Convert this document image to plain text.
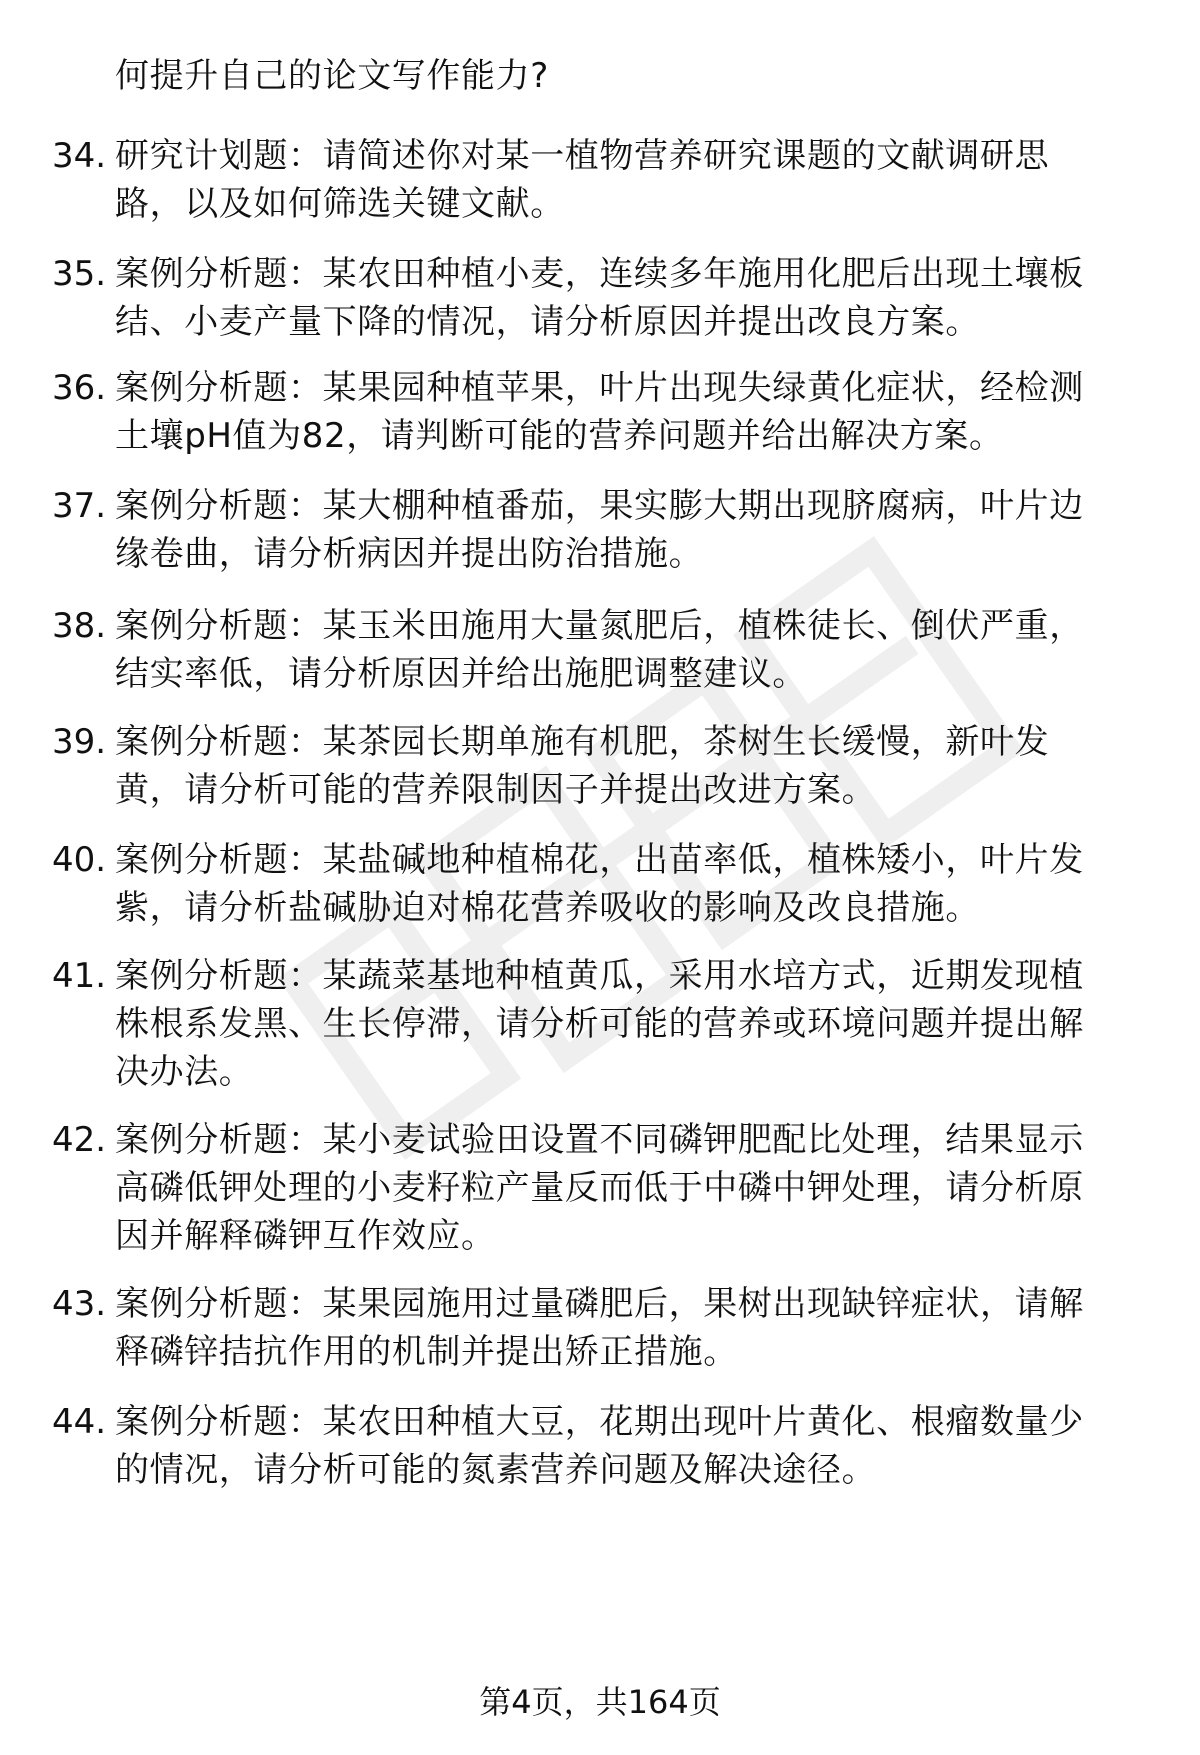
何提升自己的论文写作能力?
34. 研究计划题：请简述你对某一植物营养研究课题的文献调研思
路，以及如何筛选关键文献。
35. 案例分析题：某农田种植小麦，连续多年施用化肥后出现土壤板
结、小麦产量下降的情况，请分析原因并提出改良方案。
36. 案例分析题：某果园种植苹果，叶片出现失绿黄化症状，经检测
土壤pH值为82，请判断可能的营养问题并给出解决方案。
37. 案例分析题：某大棚种植番茄，果实膨大期出现脐腐病，叶片边
缘卷曲，请分析病因并提出防治措施。
38. 案例分析题：某玉米田施用大量氮肥后，植株徒长、倒伏严重，
结实率低，请分析原因并给出施肥调整建议。
39. 案例分析题：某茶园长期单施有机肥，茶树生长缓慢，新叶发
黄，请分析可能的营养限制因子并提出改进方案。
40. 案例分析题：某盐碱地种植棉花，出苗率低，植株矮小，叶片发
紫，请分析盐碱胁迫对棉花营养吸收的影响及改良措施。
41. 案例分析题：某蔬菜基地种植黄瓜，采用水培方式，近期发现植
株根系发黑、生长停滞，请分析可能的营养或环境问题并提出解
决办法。
42. 案例分析题：某小麦试验田设置不同磷钾肥配比处理，结果显示
高磷低钾处理的小麦籽粒产量反而低于中磷中钾处理，请分析原
因并解释磷钾互作效应。
43. 案例分析题：某果园施用过量磷肥后，果树出现缺锌症状，请解
释磷锌拮抗作用的机制并提出矫正措施。
44. 案例分析题：某农田种植大豆，花期出现叶片黄化、根瘤数量少
的情况，请分析可能的氮素营养问题及解决途径。
第4页，共164页
